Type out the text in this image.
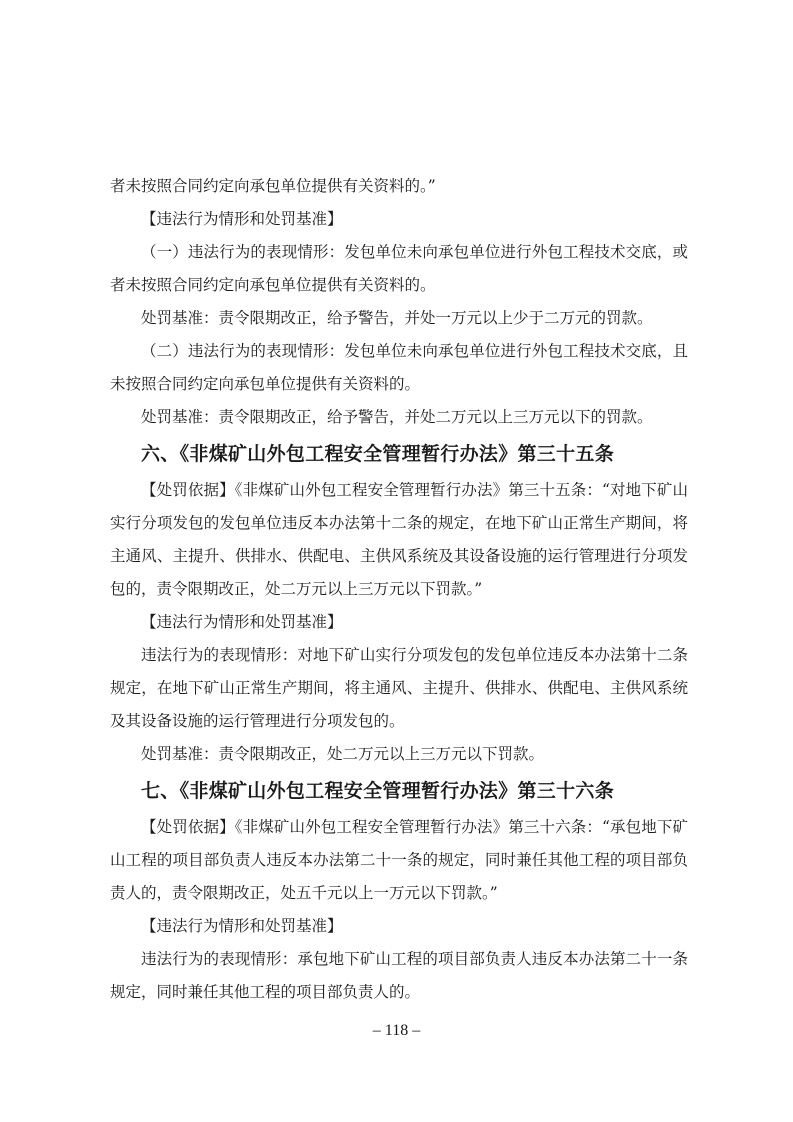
者未按照合同约定向承包单位提供有关资料的。”

【违法行为情形和处罚基准】

（一）违法行为的表现情形：发包单位未向承包单位进行外包工程技术交底，或者未按照合同约定向承包单位提供有关资料的。

处罚基准：责令限期改正，给予警告，并处一万元以上少于二万元的罚款。

（二）违法行为的表现情形：发包单位未向承包单位进行外包工程技术交底，且未按照合同约定向承包单位提供有关资料的。

处罚基准：责令限期改正，给予警告，并处二万元以上三万元以下的罚款。

六、《非煤矿山外包工程安全管理暂行办法》第三十五条

【处罚依据】《非煤矿山外包工程安全管理暂行办法》第三十五条：“对地下矿山实行分项发包的发包单位违反本办法第十二条的规定，在地下矿山正常生产期间，将主通风、主提升、供排水、供配电、主供风系统及其设备设施的运行管理进行分项发包的，责令限期改正，处二万元以上三万元以下罚款。”

【违法行为情形和处罚基准】

违法行为的表现情形：对地下矿山实行分项发包的发包单位违反本办法第十二条规定，在地下矿山正常生产期间，将主通风、主提升、供排水、供配电、主供风系统及其设备设施的运行管理进行分项发包的。

处罚基准：责令限期改正，处二万元以上三万元以下罚款。

七、《非煤矿山外包工程安全管理暂行办法》第三十六条

【处罚依据】《非煤矿山外包工程安全管理暂行办法》第三十六条：“承包地下矿山工程的项目部负责人违反本办法第二十一条的规定，同时兼任其他工程的项目部负责人的，责令限期改正，处五千元以上一万元以下罚款。”

【违法行为情形和处罚基准】

违法行为的表现情形：承包地下矿山工程的项目部负责人违反本办法第二十一条规定，同时兼任其他工程的项目部负责人的。

– 118 –
